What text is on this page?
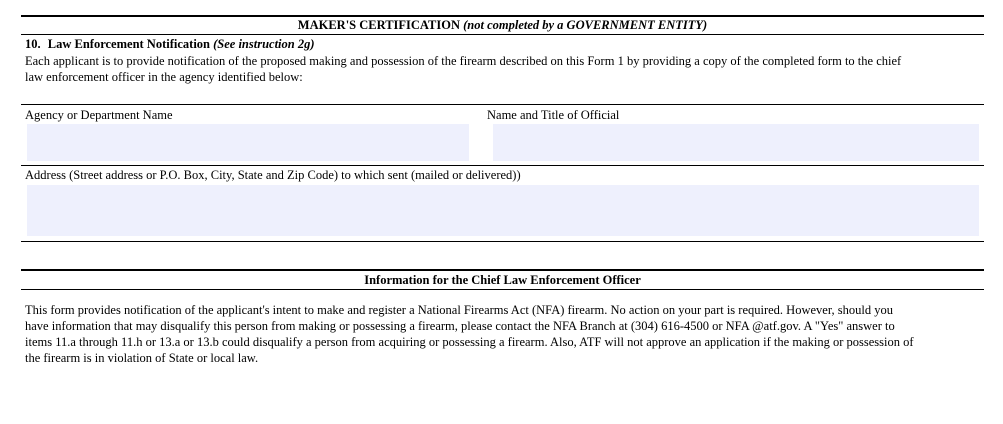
MAKER'S CERTIFICATION (not completed by a GOVERNMENT ENTITY)
10. Law Enforcement Notification (See instruction 2g)
Each applicant is to provide notification of the proposed making and possession of the firearm described on this Form 1 by providing a copy of the completed form to the chief
law enforcement officer in the agency identified below:
Agency or Department Name	Name and Title of Official
Address (Street address or P.O. Box, City, State and Zip Code) to which sent (mailed or delivered))
Information for the Chief Law Enforcement Officer
This form provides notification of the applicant's intent to make and register a National Firearms Act (NFA) firearm. No action on your part is required. However, should you
have information that may disqualify this person from making or possessing a firearm, please contact the NFA Branch at (304) 616-4500 or NFA @atf.gov. A "Yes" answer to
items 11.a through 11.h or 13.a or 13.b could disqualify a person from acquiring or possessing a firearm. Also, ATF will not approve an application if the making or possession of
the firearm is in violation of State or local law.
